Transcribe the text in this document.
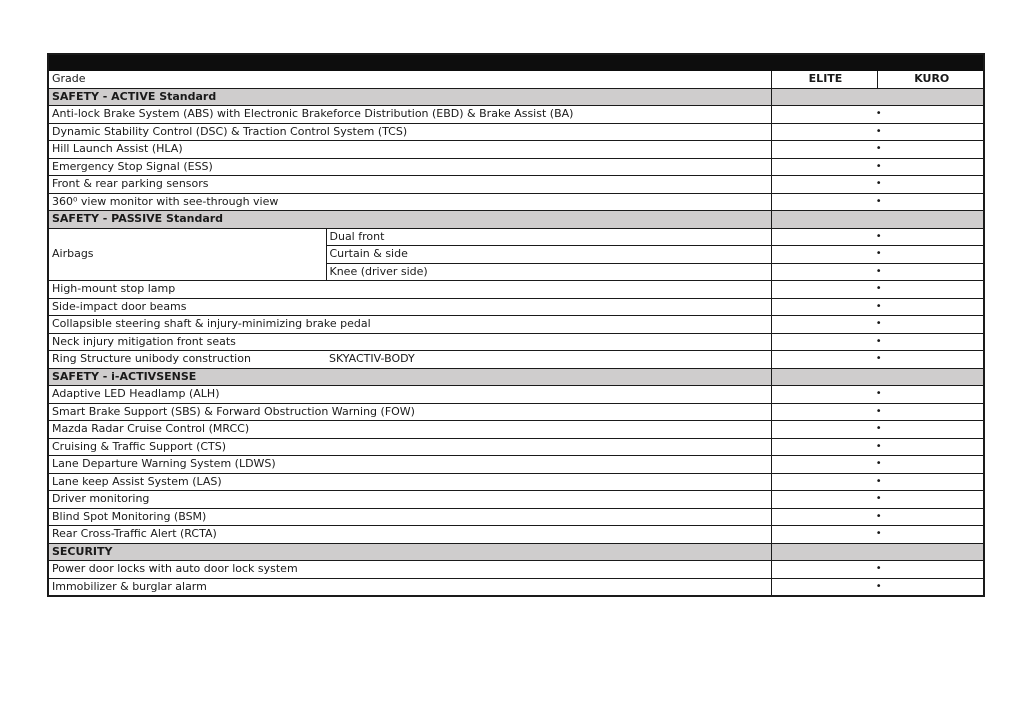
Grade		ELITE	KURO
SAFETY - ACTIVE Standard			
Anti-lock Brake System (ABS) with Electronic Brakeforce Distribution (EBD) & Brake Assist (BA)		•	
Dynamic Stability Control (DSC) & Traction Control System (TCS)		•	
Hill Launch Assist (HLA)		•	
Emergency Stop Signal (ESS)		•	
Front & rear parking sensors		•	
360⁰ view monitor with see-through view		•	
SAFETY - PASSIVE Standard			
Airbags	Dual front	•	
	Curtain & side	•	
	Knee (driver side)	•	
High-mount stop lamp		•	
Side-impact door beams		•	
Collapsible steering shaft & injury-minimizing brake pedal		•	
Neck injury mitigation front seats		•	
Ring Structure unibody construction	SKYACTIV-BODY	•	
SAFETY - i-ACTIVSENSE			
Adaptive LED Headlamp (ALH)		•	
Smart Brake Support (SBS) & Forward Obstruction Warning (FOW)		•	
Mazda Radar Cruise Control (MRCC)		•	
Cruising & Traffic Support (CTS)		•	
Lane Departure Warning System (LDWS)		•	
Lane keep Assist System (LAS)		•	
Driver monitoring		•	
Blind Spot Monitoring (BSM)		•	
Rear Cross-Traffic Alert (RCTA)		•	
SECURITY			
Power door locks with auto door lock system		•	
Immobilizer & burglar alarm		•	
